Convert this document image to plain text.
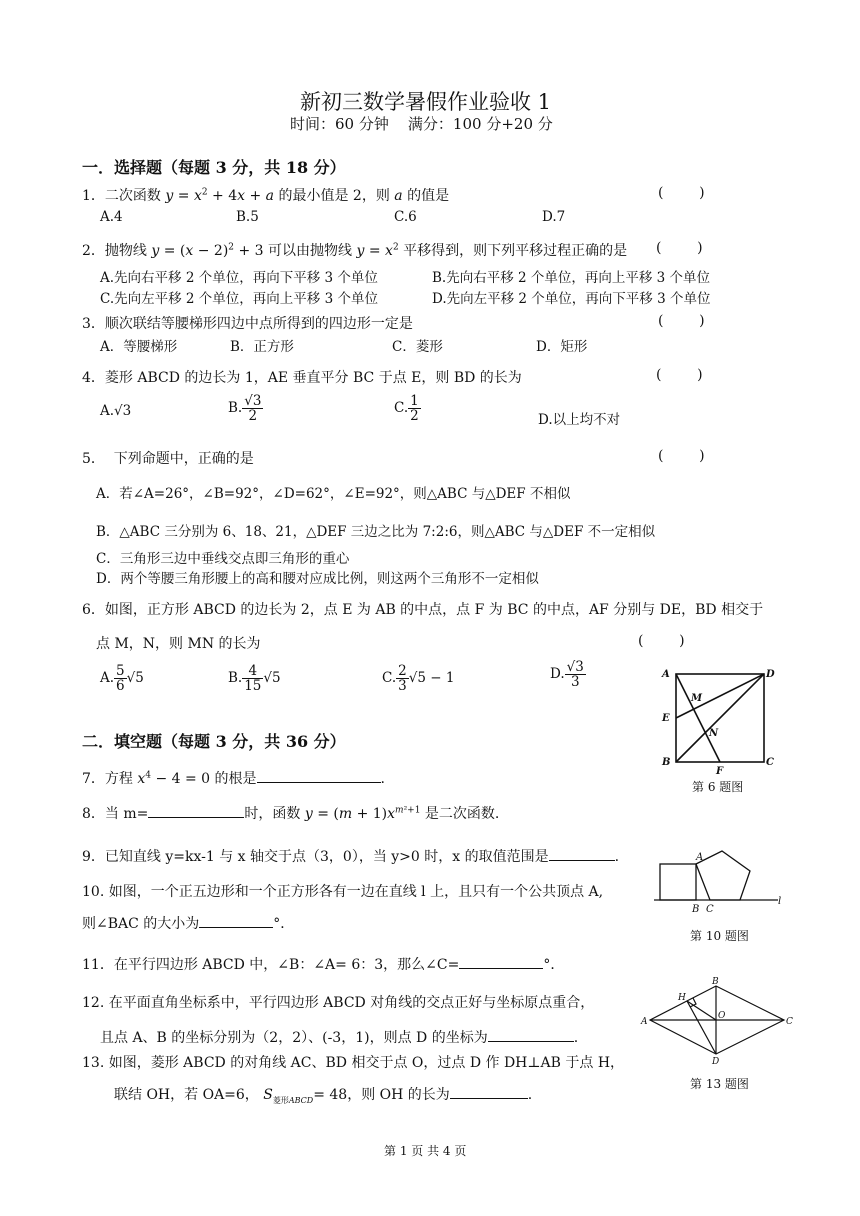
新初三数学暑假作业验收 1
时间：60 分钟    满分：100 分+20 分
一．选择题（每题 3 分，共 18 分）
1．二次函数 $y = x^2 + 4x + a$ 的最小值是 2，则 a 的值是	(        )
A.4	B.5	C.6	D.7
2．抛物线 $y = (x - 2)^2 + 3$ 可以由抛物线 $y = x^2$ 平移得到，则下列平移过程正确的是 (        )
A.先向右平移 2 个单位，再向下平移 3 个单位	B.先向右平移 2 个单位，再向上平移 3 个单位
C.先向左平移 2 个单位，再向上平移 3 个单位	D.先向左平移 2 个单位，再向下平移 3 个单位
3．顺次联结等腰梯形四边中点所得到的四边形一定是	(        )
A．等腰梯形	B．正方形	C．菱形	D．矩形
4．菱形 ABCD 的边长为 1，AE 垂直平分 BC 于点 E，则 BD 的长为	(        )
A.√3	B. $\frac{√3}{2}$	C. $\frac{1}{2}$	D.以上均不对
5．  下列命题中，正确的是	(        )
A．若∠A=26°，∠B=92°，∠D=62°，∠E=92°，则△ABC 与△DEF 不相似
B．△ABC 三分别为 6、18、21，△DEF 三边之比为 7:2:6，则△ABC 与△DEF 不一定相似
C．三角形三边中垂线交点即三角形的重心
D．两个等腰三角形腰上的高和腰对应成比例，则这两个三角形不一定相似
6．如图，正方形 ABCD 的边长为 2，点 E 为 AB 的中点，点 F 为 BC 的中点，AF 分别与 DE，BD 相交于
点 M，N，则 MN 的长为	(        )
A. $\frac{5}{6} √5$	B. $\frac{4}{15} √5$	C. $\frac{2}{3} √5 - 1$	D. $\frac{√3}{3}$	A	D
E
M
N
B
F
C
第 6 题图
二．填空题（每题 3 分，共 36 分）
7．方程 $x^4 - 4 = 0$ 的根是	.
8．当 m=	时，函数 $y = (m + 1)x^{m^2+1}$ 是二次函数.
9．已知直线 y=kx-1 与 x 轴交于点（3，0），当 y>0 时，x 的取值范围是	.	A
B C
l
10. 如图，一个正五边形和一个正方形各有一边在直线 l 上，且只有一个公共顶点 A,
则∠BAC 的大小为	°．
第 10 题图
11．在平行四边形 ABCD 中，∠B：∠A= 6：3，那么∠C=	°．
H
B
A
O
C
D
12. 在平面直角坐标系中，平行四边形 ABCD 对角线的交点正好与坐标原点重合，
且点 A、B 的坐标分别为（2，2）、(-3，1)，则点 D 的坐标为	.
13. 如图，菱形 ABCD 的对角线 AC、BD 相交于点 O，过点 D 作 DH⊥AB 于点 H，
联结 OH，若 OA=6， $S_{菱形ABCD}= 48$，则 OH 的长为	.
第 13 题图
第 1 页 共 4 页
